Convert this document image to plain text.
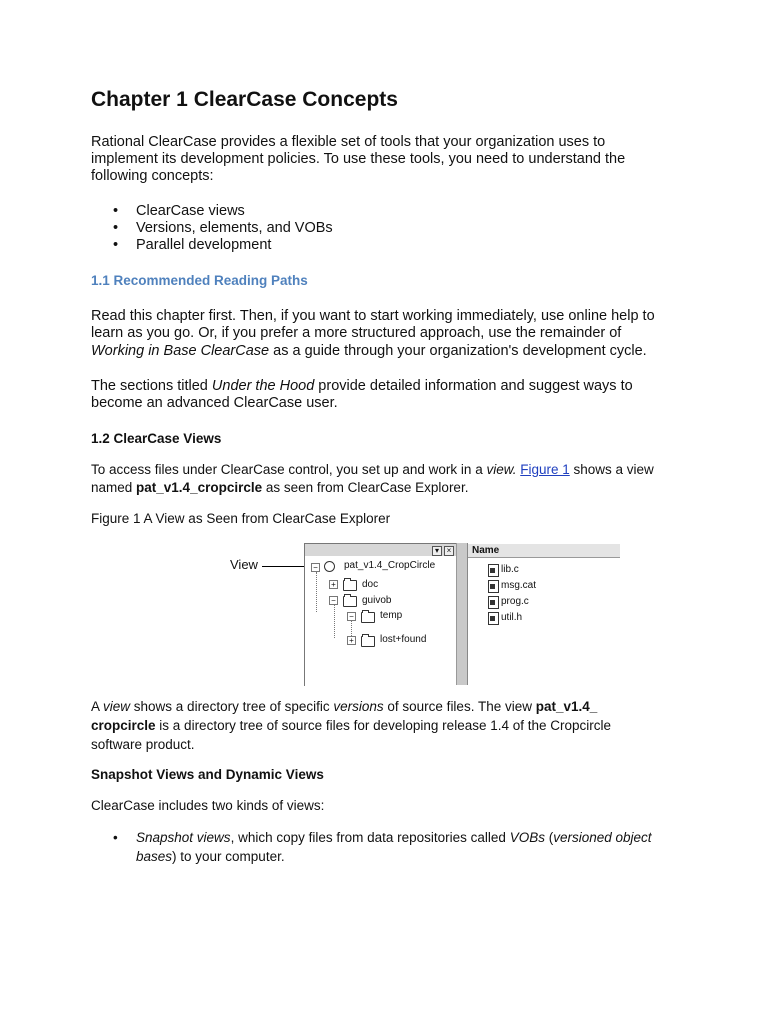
Chapter 1 ClearCase Concepts

Rational ClearCase provides a flexible set of tools that your organization uses to

implement its development policies. To use these tools, you need to understand the

following concepts:

• ClearCase views
• Versions, elements, and VOBs
• Parallel development

1.1 Recommended Reading Paths

Read this chapter first. Then, if you want to start working immediately, use online help to

learn as you go. Or, if you prefer a more structured approach, use the remainder of

Working in Base ClearCase as a guide through your organization's development cycle.

The sections titled Under the Hood provide detailed information and suggest ways to

become an advanced ClearCase user.

1.2 ClearCase Views

To access files under ClearCase control, you set up and work in a view. Figure 1 shows a view

named pat_v1.4_cropcircle as seen from ClearCase Explorer.

Figure 1 A View as Seen from ClearCase Explorer

A view shows a directory tree of specific versions of source files. The view pat_v1.4_

cropcircle is a directory tree of source files for developing release 1.4 of the Cropcircle

software product.

Snapshot Views and Dynamic Views

ClearCase includes two kinds of views:

• Snapshot views, which copy files from data repositories called VOBs (versioned object
bases) to your computer.
View
▾ ×	Name
−	pat_v1.4_CropCircle
+	doc
−	guivob
−	temp
+	lost+found
lib.c
msg.cat
prog.c
util.h
